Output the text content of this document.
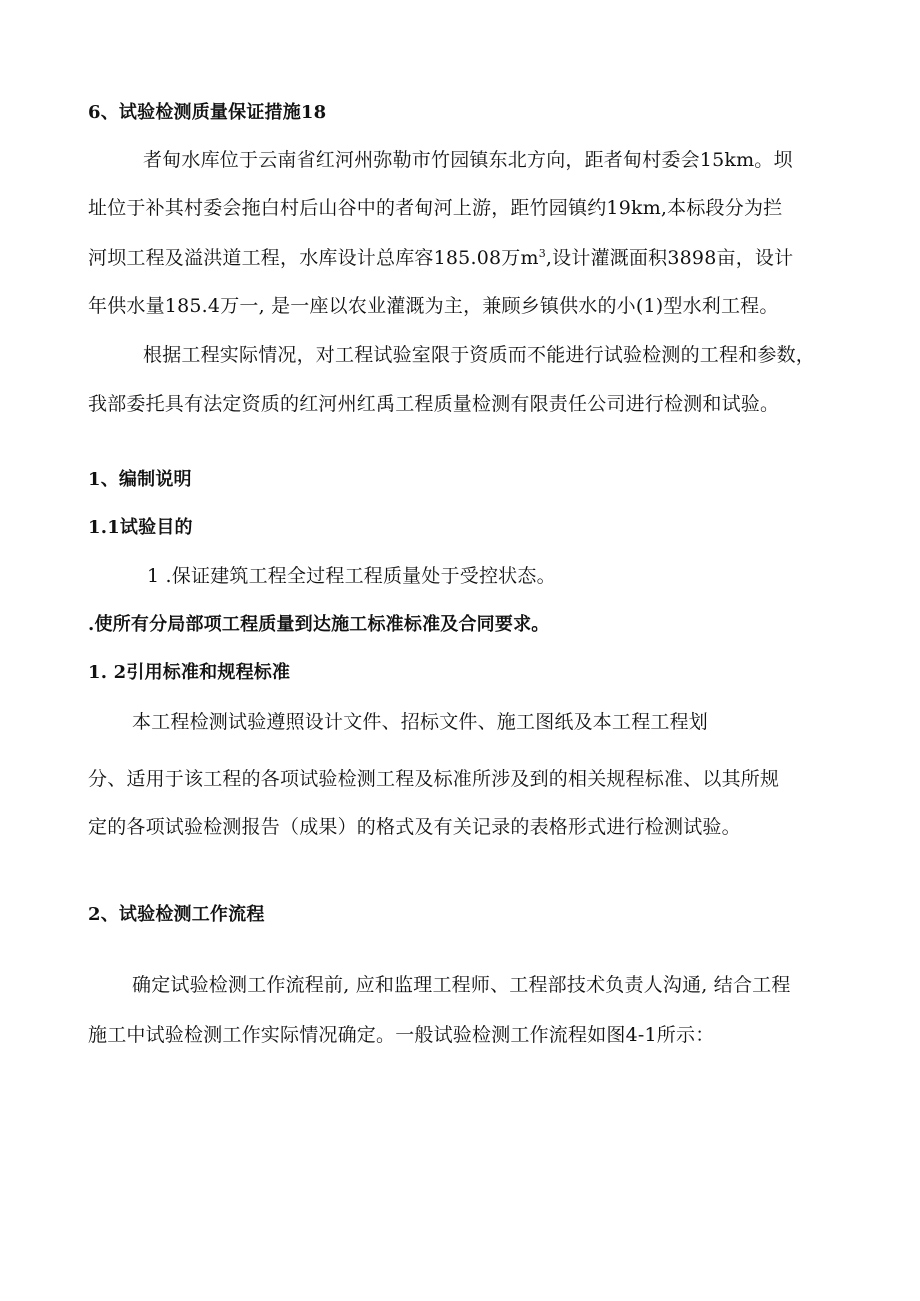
6、试验检测质量保证措施18
者甸水库位于云南省红河州弥勒市竹园镇东北方向，距者甸村委会15km。坝
址位于补其村委会拖白村后山谷中的者甸河上游，距竹园镇约19km,本标段分为拦
河坝工程及溢洪道工程，水库设计总库容185.08万$m^3$,设计灌溉面积3898亩，设计
年供水量185.4万一, 是一座以农业灌溉为主，兼顾乡镇供水的小(1)型水利工程。
根据工程实际情况，对工程试验室限于资质而不能进行试验检测的工程和参数，
我部委托具有法定资质的红河州红禹工程质量检测有限责任公司进行检测和试验。
1、编制说明
1.1试验目的
1 .保证建筑工程全过程工程质量处于受控状态。
.使所有分局部项工程质量到达施工标准标准及合同要求。
1. 2引用标准和规程标准
本工程检测试验遵照设计文件、招标文件、施工图纸及本工程工程划
分、适用于该工程的各项试验检测工程及标准所涉及到的相关规程标准、以其所规
定的各项试验检测报告（成果）的格式及有关记录的表格形式进行检测试验。
2、试验检测工作流程
确定试验检测工作流程前, 应和监理工程师、工程部技术负责人沟通, 结合工程
施工中试验检测工作实际情况确定。一般试验检测工作流程如图4-1所示：
